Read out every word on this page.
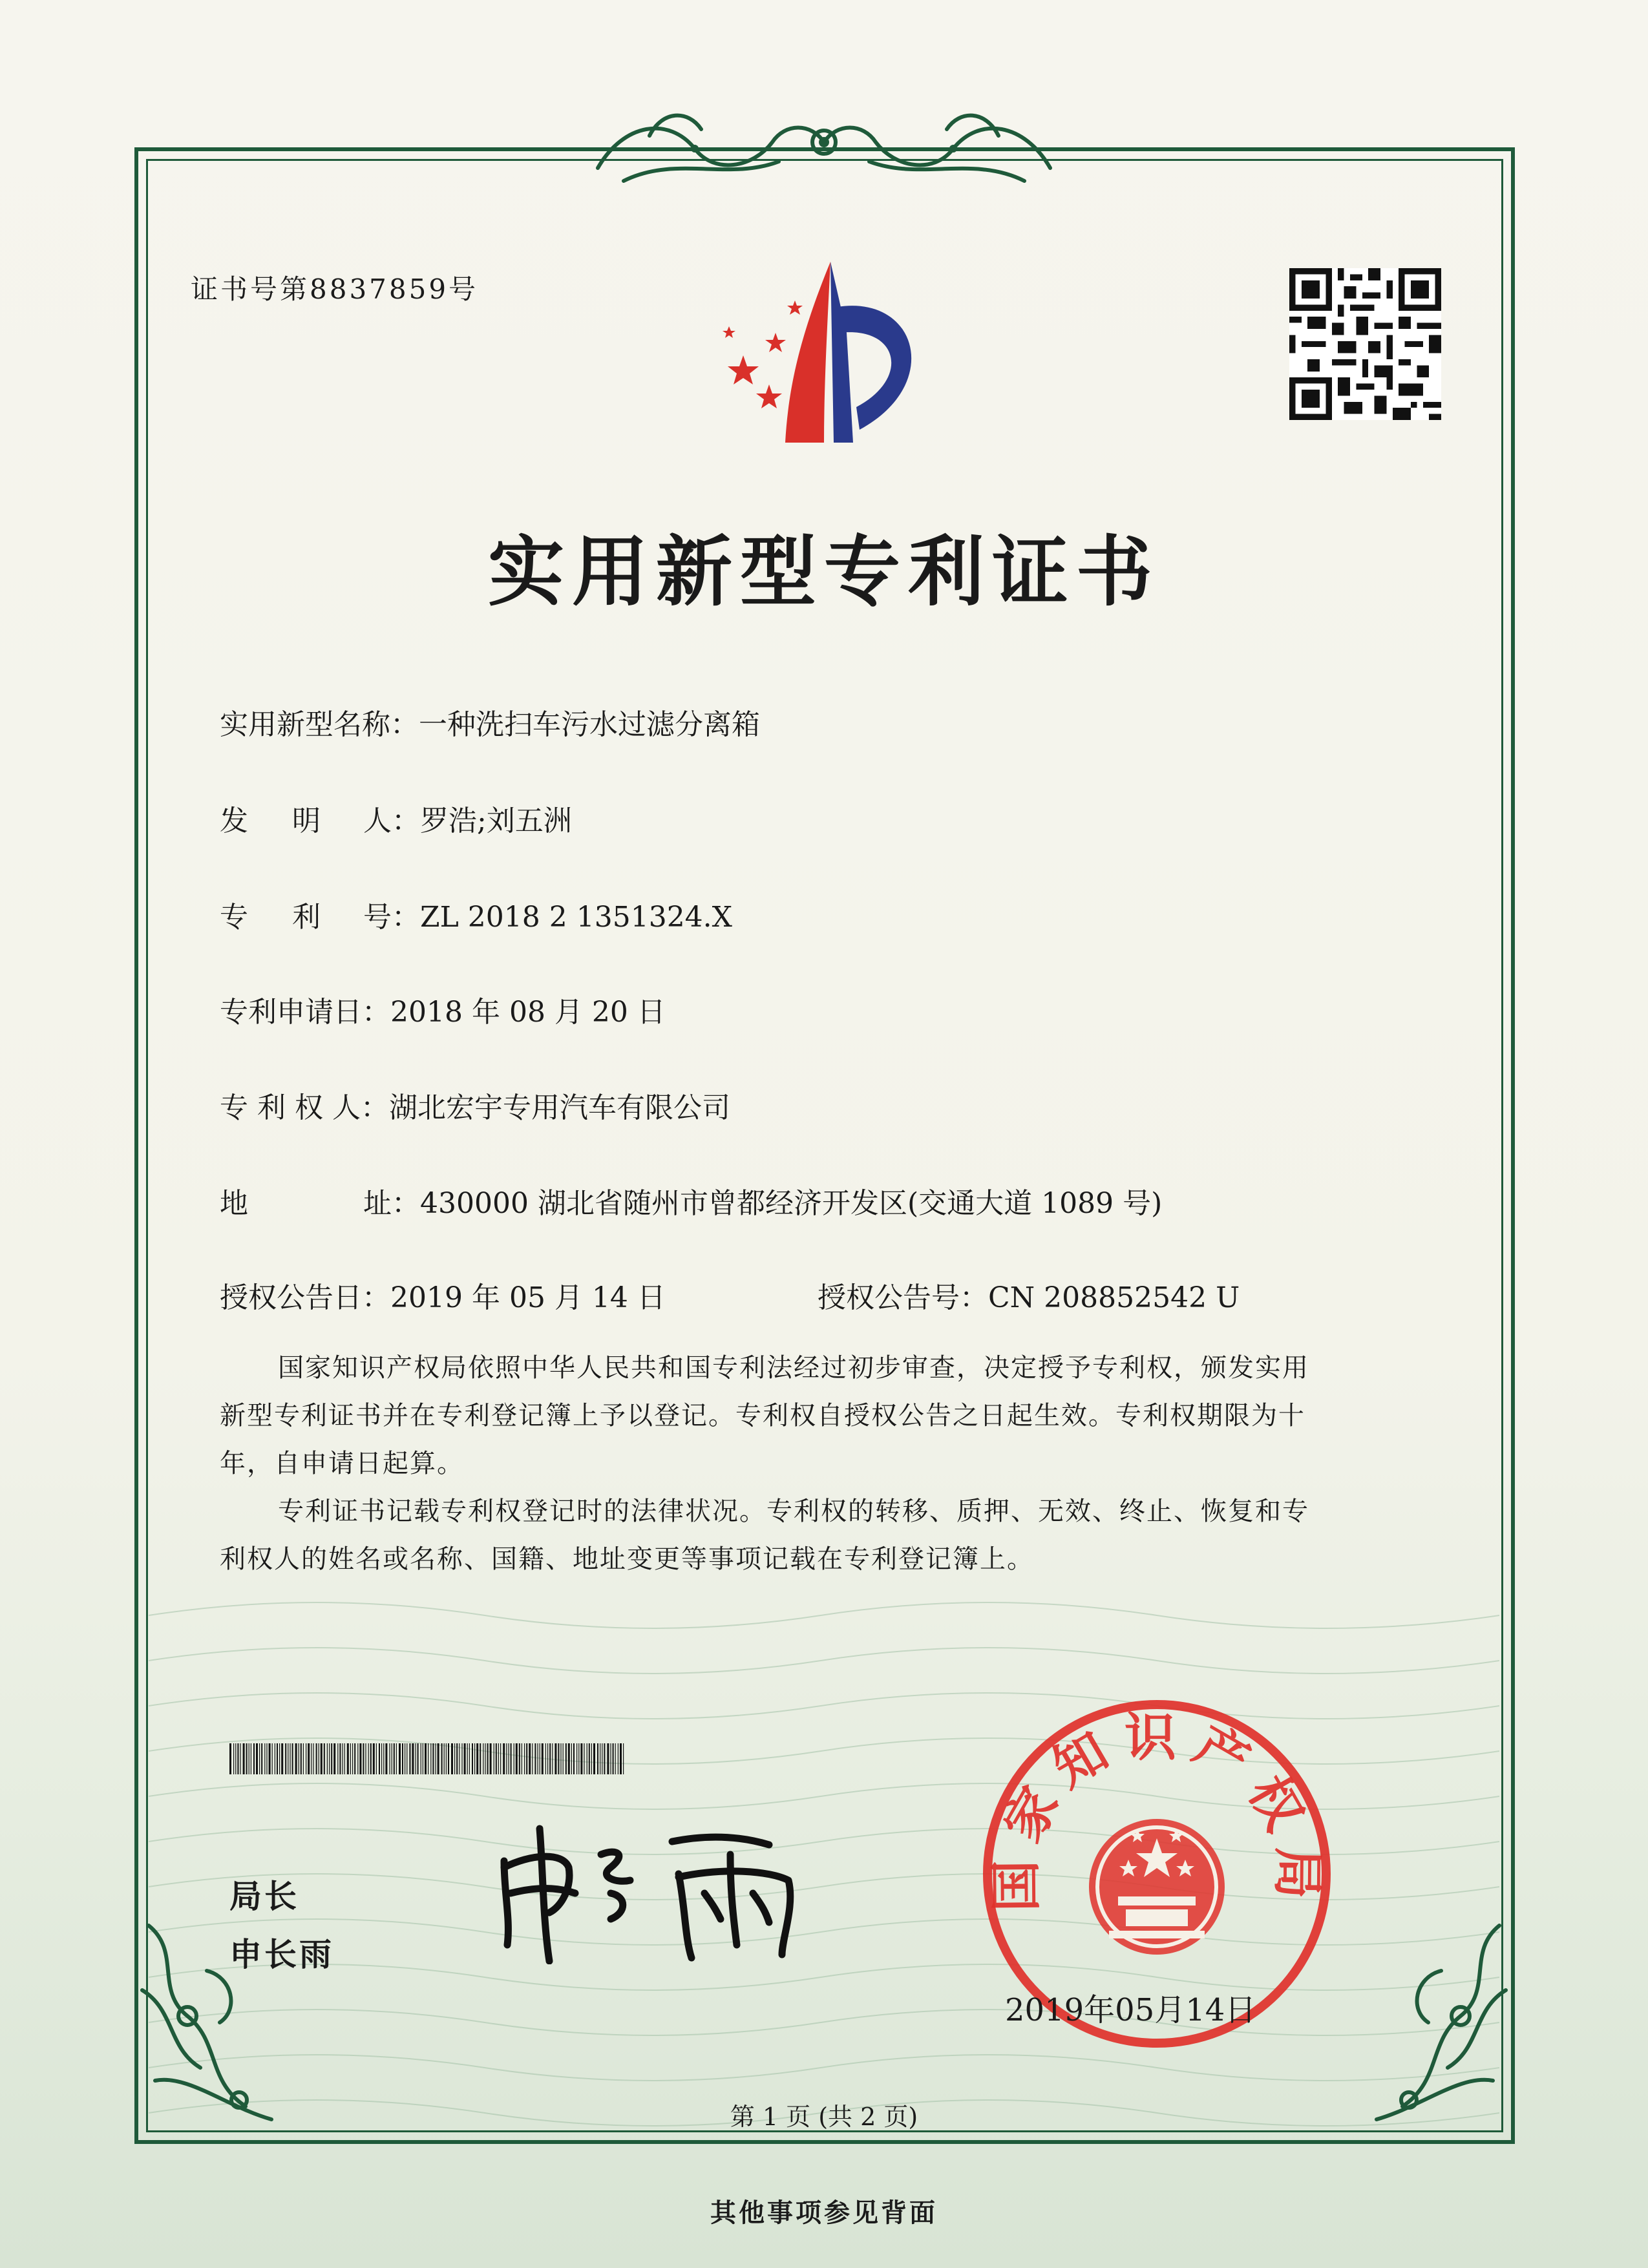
证书号第8837859号
实用新型专利证书
实用新型名称：一种洗扫车污水过滤分离箱
发 明 人：罗浩;刘五洲
专 利 号：ZL 2018 2 1351324.X
专利申请日：2018 年 08 月 20 日
专 利 权 人：湖北宏宇专用汽车有限公司
地	址：430000 湖北省随州市曾都经济开发区(交通大道 1089 号)
授权公告日：2019 年 05 月 14 日	授权公告号：CN 208852542 U
国家知识产权局依照中华人民共和国专利法经过初步审查，决定授予专利权，颁发实用
新型专利证书并在专利登记簿上予以登记。专利权自授权公告之日起生效。专利权期限为十
年，自申请日起算。
专利证书记载专利权登记时的法律状况。专利权的转移、质押、无效、终止、恢复和专
利权人的姓名或名称、国籍、地址变更等事项记载在专利登记簿上。
局长
申长雨
国家知识产权局
2019年05月14日
第 1 页 (共 2 页)
其他事项参见背面
